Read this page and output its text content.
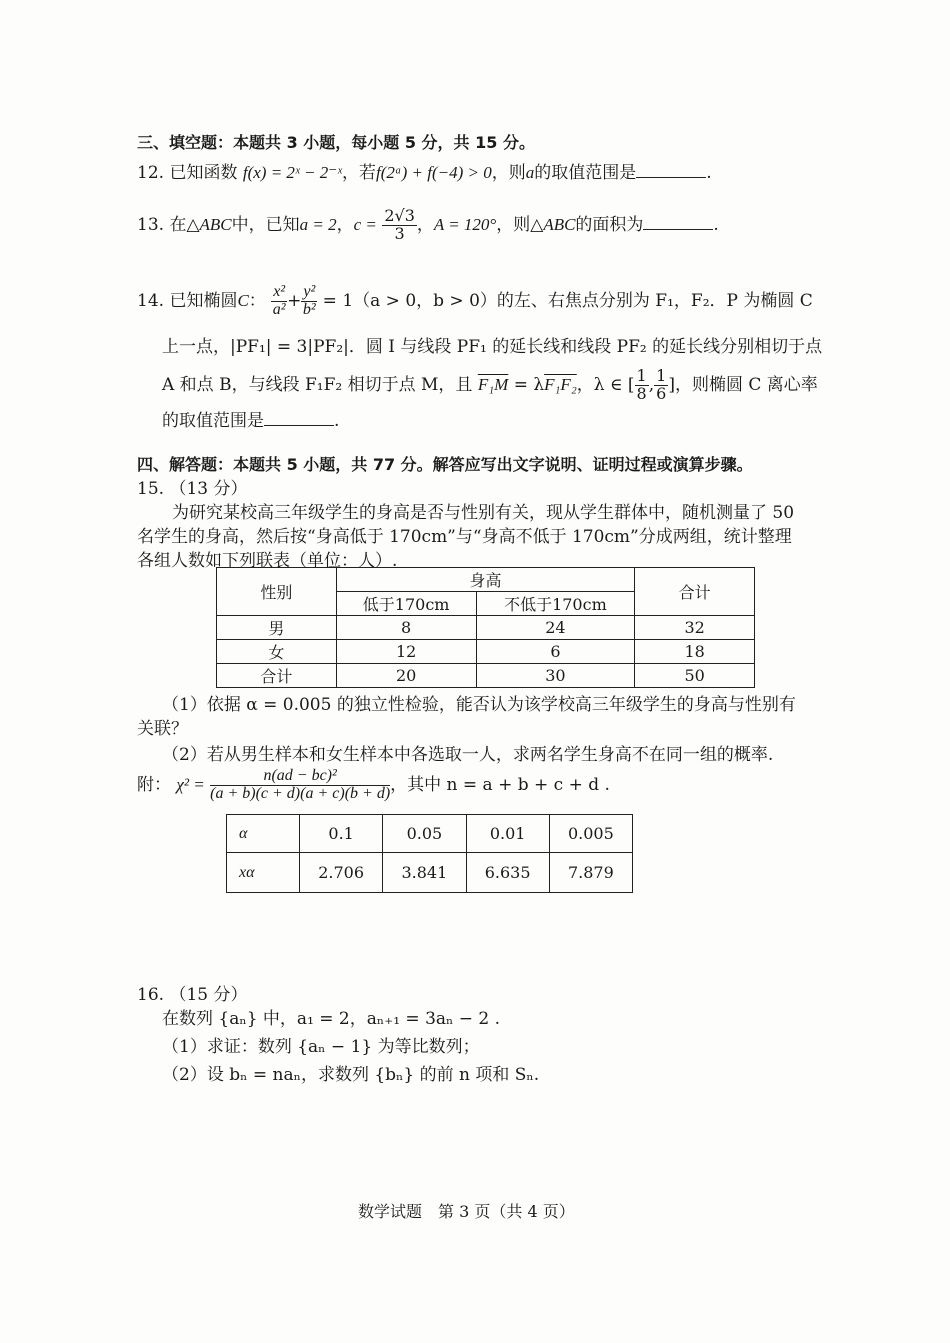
三、填空题：本题共 3 小题，每小题 5 分，共 15 分。
12. 已知函数 f(x) = 2ˣ − 2⁻ˣ，若f(2ᵃ) + f(−4) > 0，则a的取值范围是	.
13. 在△ABC中，已知a = 2，$c = \frac{2√3}{3}$ ，A = 120°，则△ABC的面积为	.
14. 已知椭圆C： $\frac{\text{x²}}{\text{a²}} + \frac{\text{y²}}{\text{b²}} = 1(a > 0$，b > 0）的左、右焦点分别为 F₁，F₂．P 为椭圆 C
上一点，|PF₁| = 3|PF₂|．圆 I 与线段 PF₁ 的延长线和线段 PF₂ 的延长线分别相切于点
A 和点 B，与线段 F₁F₂ 相切于点 M，且 F₁M = λF₁F₂，λ ∈ [ $\frac{1}{8}$ , $\frac{1}{6}$ ]，则椭圆 C 离心率
的取值范围是	.
四、解答题：本题共 5 小题，共 77 分。解答应写出文字说明、证明过程或演算步骤。
15. （13 分）
为研究某校高三年级学生的身高是否与性别有关，现从学生群体中，随机测量了 50
名学生的身高，然后按“身高低于 170cm”与“身高不低于 170cm”分成两组，统计整理
各组人数如下列联表（单位：人）.
性别	身高		合计
	低于170cm	不低于170cm	
男	8	24	32
女	12	6	18
合计	20	30	50
（1）依据 α = 0.005 的独立性检验，能否认为该学校高三年级学生的身高与性别有
关联？
（2）若从男生样本和女生样本中各选取一人，求两名学生身高不在同一组的概率.
附： $\chi^2 = \frac{\text{n(ad − bc)²}}{(a + b)(c + d)(a + c)(b + d)}$ ，其中 n = a + b + c + d .
α	0.1	0.05	0.01	0.005
xα	2.706	3.841	6.635	7.879
16. （15 分）
在数列 {aₙ} 中，a₁ = 2，aₙ₊₁ = 3aₙ − 2 .
（1）求证：数列 {aₙ − 1} 为等比数列；
（2）设 bₙ = naₙ，求数列 {bₙ} 的前 n 项和 Sₙ.
数学试题　第 3 页（共 4 页）
